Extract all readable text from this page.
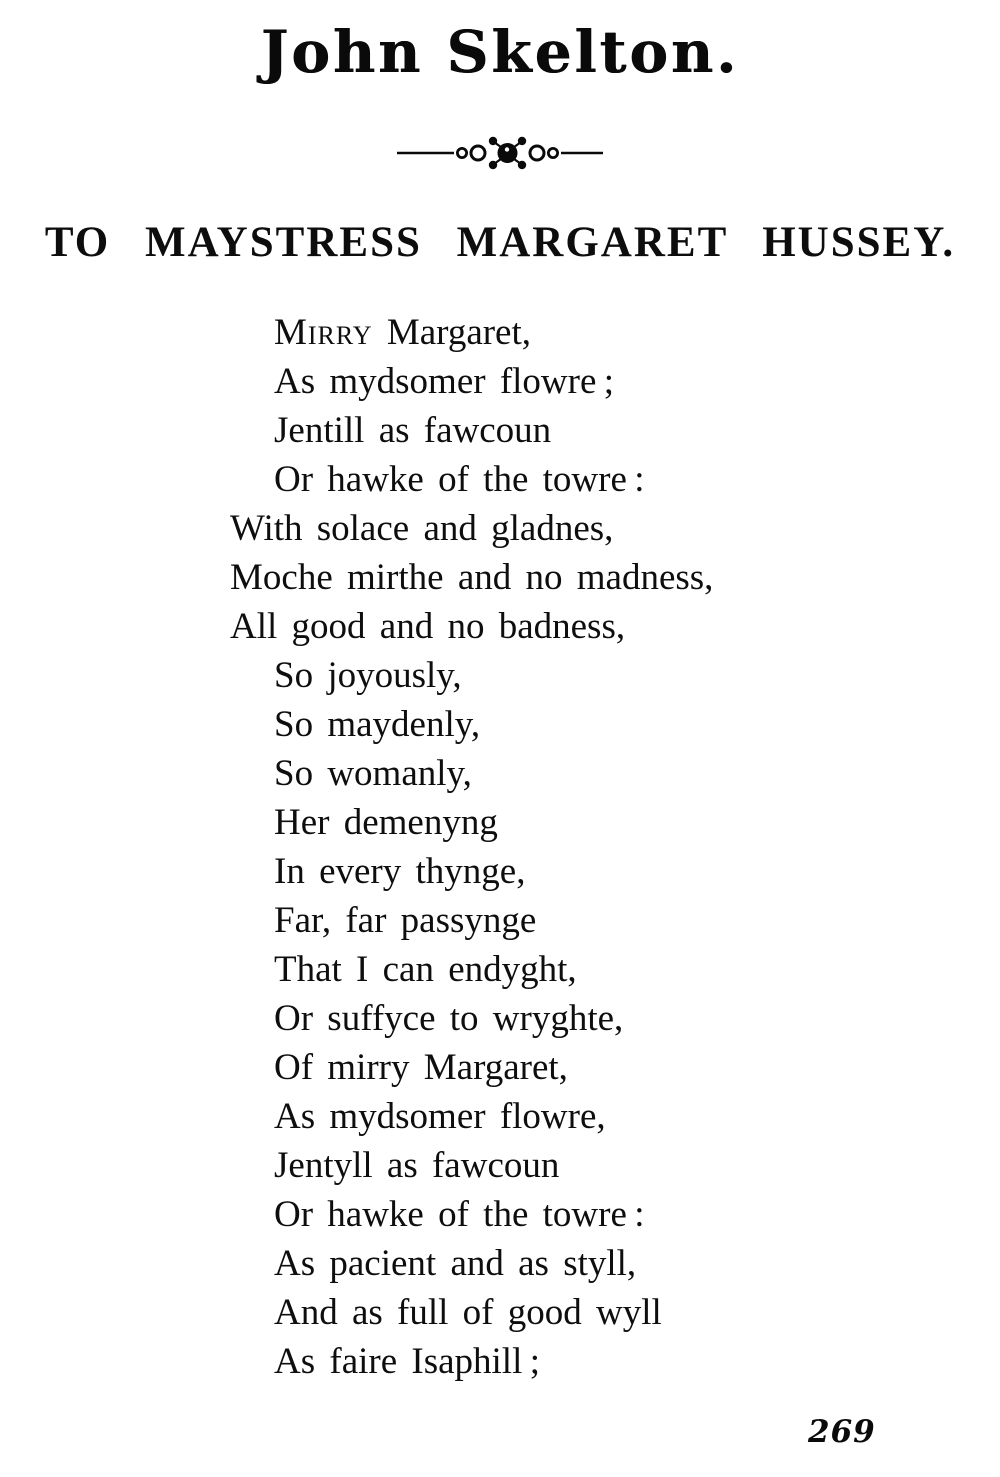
John Skelton.
TO MAYSTRESS MARGARET HUSSEY.
Mirry Margaret,
As mydsomer flowre ;
Jentill as fawcoun
Or hawke of the towre :
With solace and gladnes,
Moche mirthe and no madness,
All good and no badness,
So joyously,
So maydenly,
So womanly,
Her demenyng
In every thynge,
Far, far passynge
That I can endyght,
Or suffyce to wryghte,
Of mirry Margaret,
As mydsomer flowre,
Jentyll as fawcoun
Or hawke of the towre :
As pacient and as styll,
And as full of good wyll
As faire Isaphill ;
269
